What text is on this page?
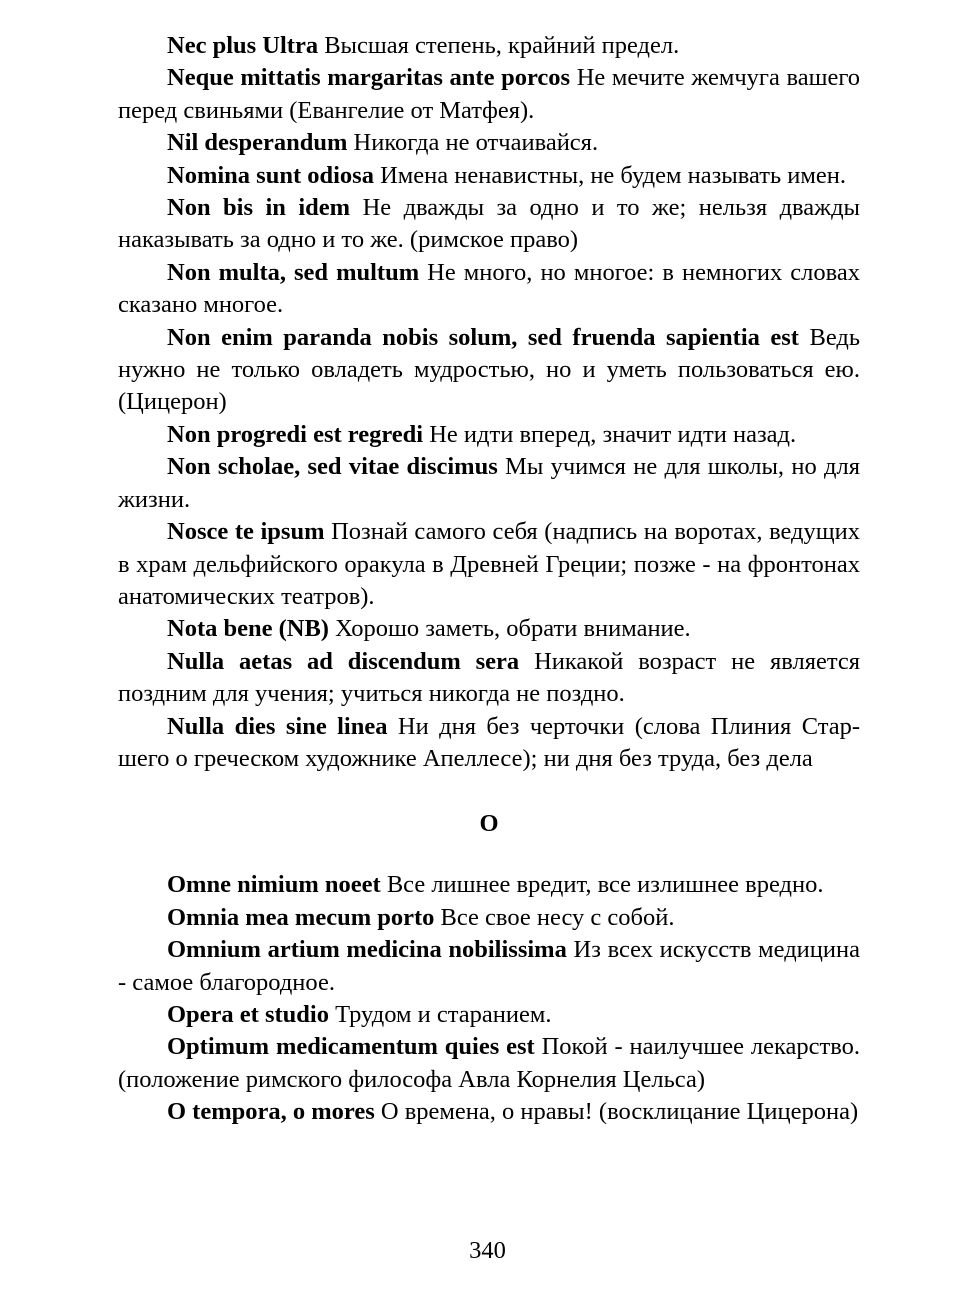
Nec plus Ultra Высшая степень, крайний предел.

Neque mittatis margaritas ante porcos Не мечите жемчуга вашего перед свиньями (Евангелие от Матфея).

Nil desperandum Никогда не отчаивайся.

Nomina sunt odiosa Имена ненавистны, не будем называть имен.

Non bis in idem Не дважды за одно и то же; нельзя дважды наказывать за одно и то же. (римское право)

Non multa, sed multum Не много, но многое: в немногих словах сказано многое.

Non enim paranda nobis solum, sed fruenda sapientia est Ведь нужно не только овладеть мудростью, но и уметь пользоваться ею.(Цицерон)

Non progredi est regredi Не идти вперед, значит идти назад.

Non scholae, sed vitae discimus Мы учимся не для школы, но для жизни.

Nosce te ipsum Познай самого себя (надпись на воротах, ведущих в храм дельфийского оракула в Древней Греции; позже - на фронтонах анатомических театров).

Nota bene (NB) Хорошо заметь, обрати внимание.

Nulla aetas ad discendum sera Никакой возраст не является поздним для учения; учиться никогда не поздно.

Nulla dies sine linea Ни дня без черточки (слова Плиния Старшего о греческом художнике Апеллесе); ни дня без труда, без дела

О

Omne nimium noeet Все лишнее вредит, все излишнее вредно.

Omnia mea mecum porto Все свое несу с собой.

Omnium artium medicina nobilissima Из всех искусств медицина - самое благородное.

Opera et studio Трудом и старанием.

Optimum medicamentum quies est Покой - наилучшее лекарство. (положение римского философа Авла Корнелия Цельса)

O tempora, o mores О времена, о нравы! (восклицание Цицерона)

340
